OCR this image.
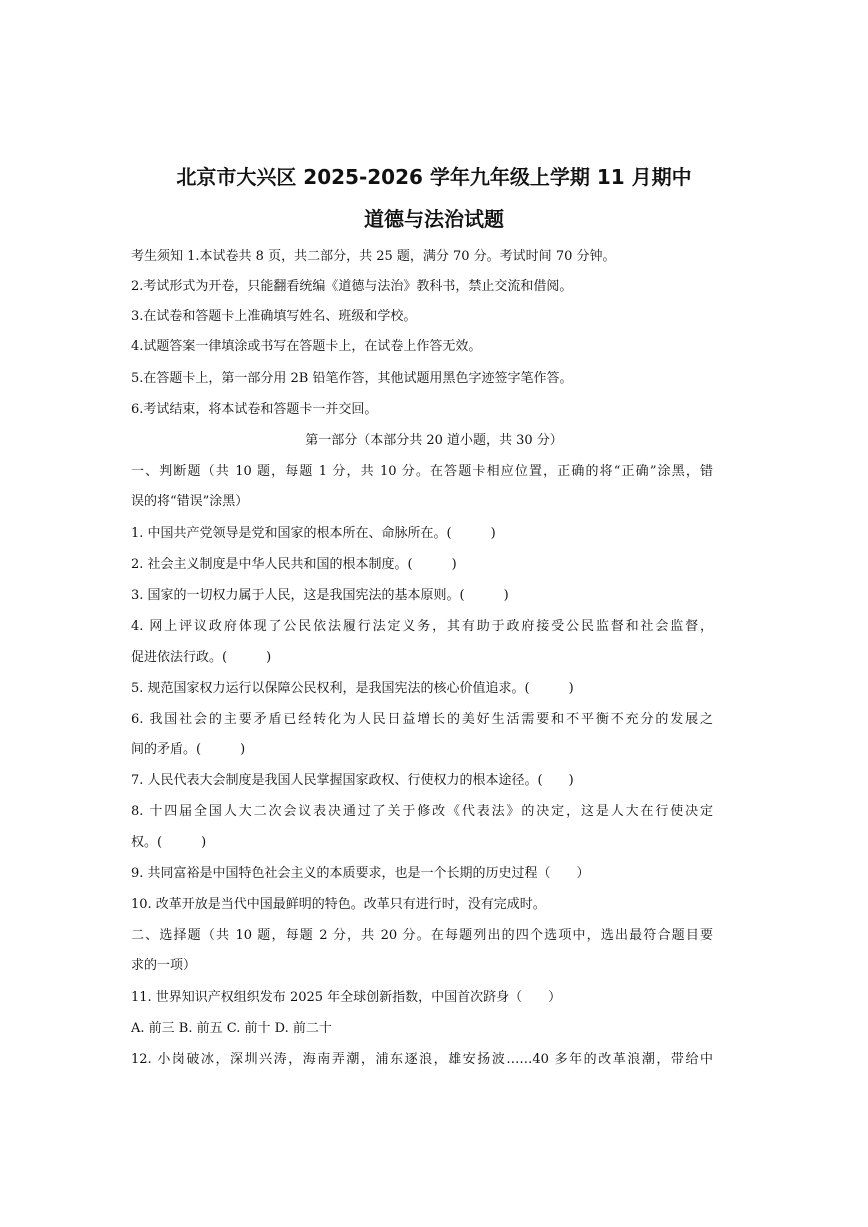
北京市大兴区 2025-2026 学年九年级上学期 11 月期中
道德与法治试题
考生须知 1.本试卷共 8 页，共二部分，共 25 题，满分 70 分。考试时间 70 分钟。
2.考试形式为开卷，只能翻看统编《道德与法治》教科书，禁止交流和借阅。
3.在试卷和答题卡上准确填写姓名、班级和学校。
4.试题答案一律填涂或书写在答题卡上，在试卷上作答无效。
5.在答题卡上，第一部分用 2B 铅笔作答，其他试题用黑色字迹签字笔作答。
6.考试结束，将本试卷和答题卡一并交回。
第一部分（本部分共 20 道小题，共 30 分）
一、判断题（共 10 题，每题 1 分，共 10 分。在答题卡相应位置，正确的将“正确”涂黑，错
误的将“错误”涂黑）
1. 中国共产党领导是党和国家的根本所在、命脉所在。(　　　)
2. 社会主义制度是中华人民共和国的根本制度。(　　　)
3. 国家的一切权力属于人民，这是我国宪法的基本原则。(　　　)
4. 网上评议政府体现了公民依法履行法定义务，其有助于政府接受公民监督和社会监督，
促进依法行政。(　　　)
5. 规范国家权力运行以保障公民权利，是我国宪法的核心价值追求。(　　　)
6. 我国社会的主要矛盾已经转化为人民日益增长的美好生活需要和不平衡不充分的发展之
间的矛盾。(　　　)
7. 人民代表大会制度是我国人民掌握国家政权、行使权力的根本途径。(　　)
8. 十四届全国人大二次会议表决通过了关于修改《代表法》的决定，这是人大在行使决定
权。(　　　)
9. 共同富裕是中国特色社会主义的本质要求，也是一个长期的历史过程（　　）
10. 改革开放是当代中国最鲜明的特色。改革只有进行时，没有完成时。
二、选择题（共 10 题，每题 2 分，共 20 分。在每题列出的四个选项中，选出最符合题目要
求的一项）
11. 世界知识产权组织发布 2025 年全球创新指数，中国首次跻身（　　）
A. 前三 B. 前五 C. 前十 D. 前二十
12. 小岗破冰，深圳兴涛，海南弄潮，浦东逐浪，雄安扬波……40 多年的改革浪潮，带给中
